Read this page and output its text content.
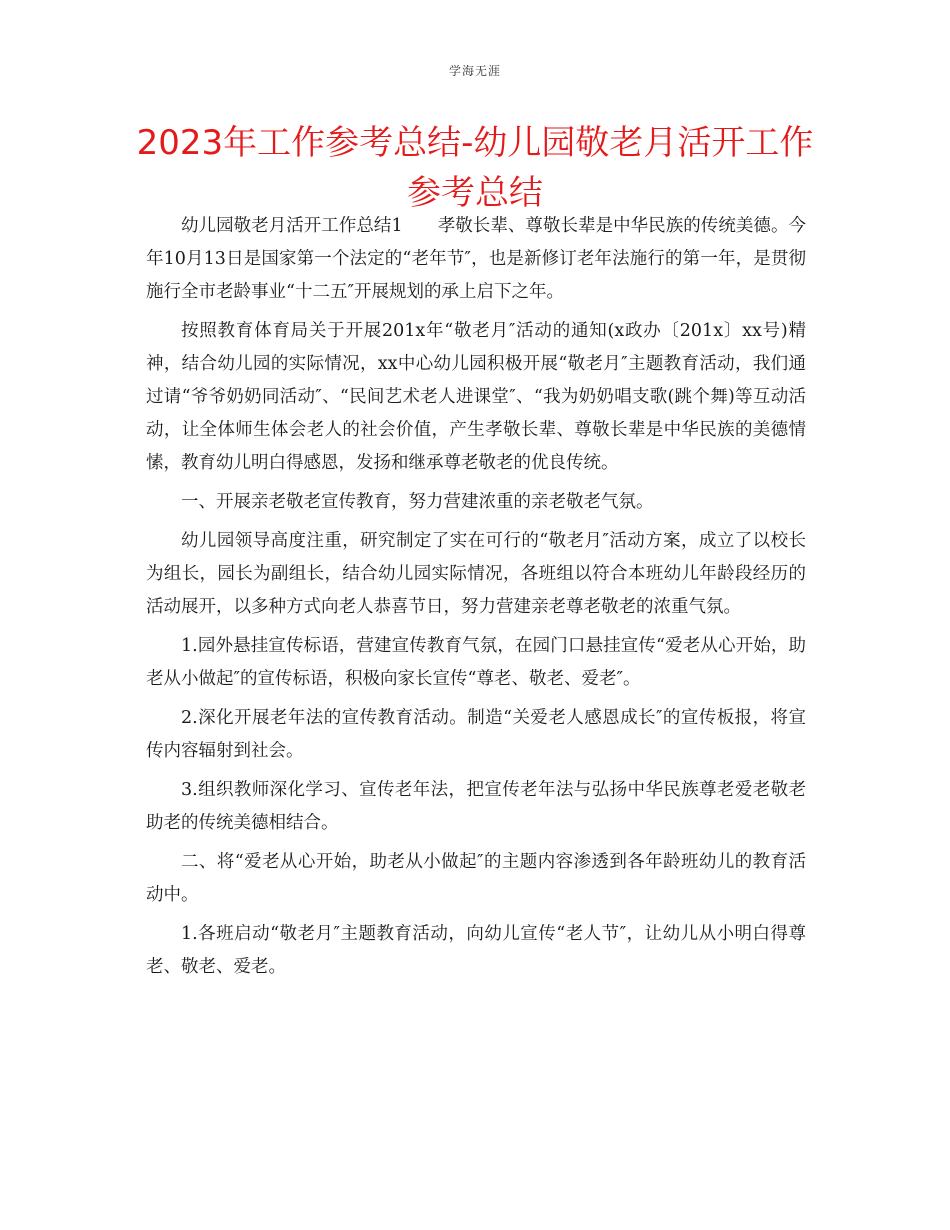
学海无涯
2023年工作参考总结-幼儿园敬老月活开工作参考总结

幼儿园敬老月活开工作总结1　　孝敬长辈、尊敬长辈是中华民族的传统美德。今年10月13日是国家第一个法定的“老年节″，也是新修订老年法施行的第一年，是贯彻施行全市老龄事业“十二五″开展规划的承上启下之年。

按照教育体育局关于开展201x年“敬老月″活动的通知(x政办〔201x〕xx号)精神，结合幼儿园的实际情况，xx中心幼儿园积极开展“敬老月″主题教育活动，我们通过请“爷爷奶奶同活动″、“民间艺术老人进课堂″、“我为奶奶唱支歌(跳个舞)等互动活动，让全体师生体会老人的社会价值，产生孝敬长辈、尊敬长辈是中华民族的美德情愫，教育幼儿明白得感恩，发扬和继承尊老敬老的优良传统。

一、开展亲老敬老宣传教育，努力营建浓重的亲老敬老气氛。

幼儿园领导高度注重，研究制定了实在可行的“敬老月″活动方案，成立了以校长为组长，园长为副组长，结合幼儿园实际情况，各班组以符合本班幼儿年龄段经历的活动展开，以多种方式向老人恭喜节日，努力营建亲老尊老敬老的浓重气氛。

1.园外悬挂宣传标语，营建宣传教育气氛，在园门口悬挂宣传“爱老从心开始，助老从小做起″的宣传标语，积极向家长宣传“尊老、敬老、爱老″。

2.深化开展老年法的宣传教育活动。制造“关爱老人感恩成长″的宣传板报，将宣传内容辐射到社会。

3.组织教师深化学习、宣传老年法，把宣传老年法与弘扬中华民族尊老爱老敬老助老的传统美德相结合。

二、将“爱老从心开始，助老从小做起″的主题内容渗透到各年龄班幼儿的教育活动中。

1.各班启动“敬老月″主题教育活动，向幼儿宣传“老人节″，让幼儿从小明白得尊老、敬老、爱老。
